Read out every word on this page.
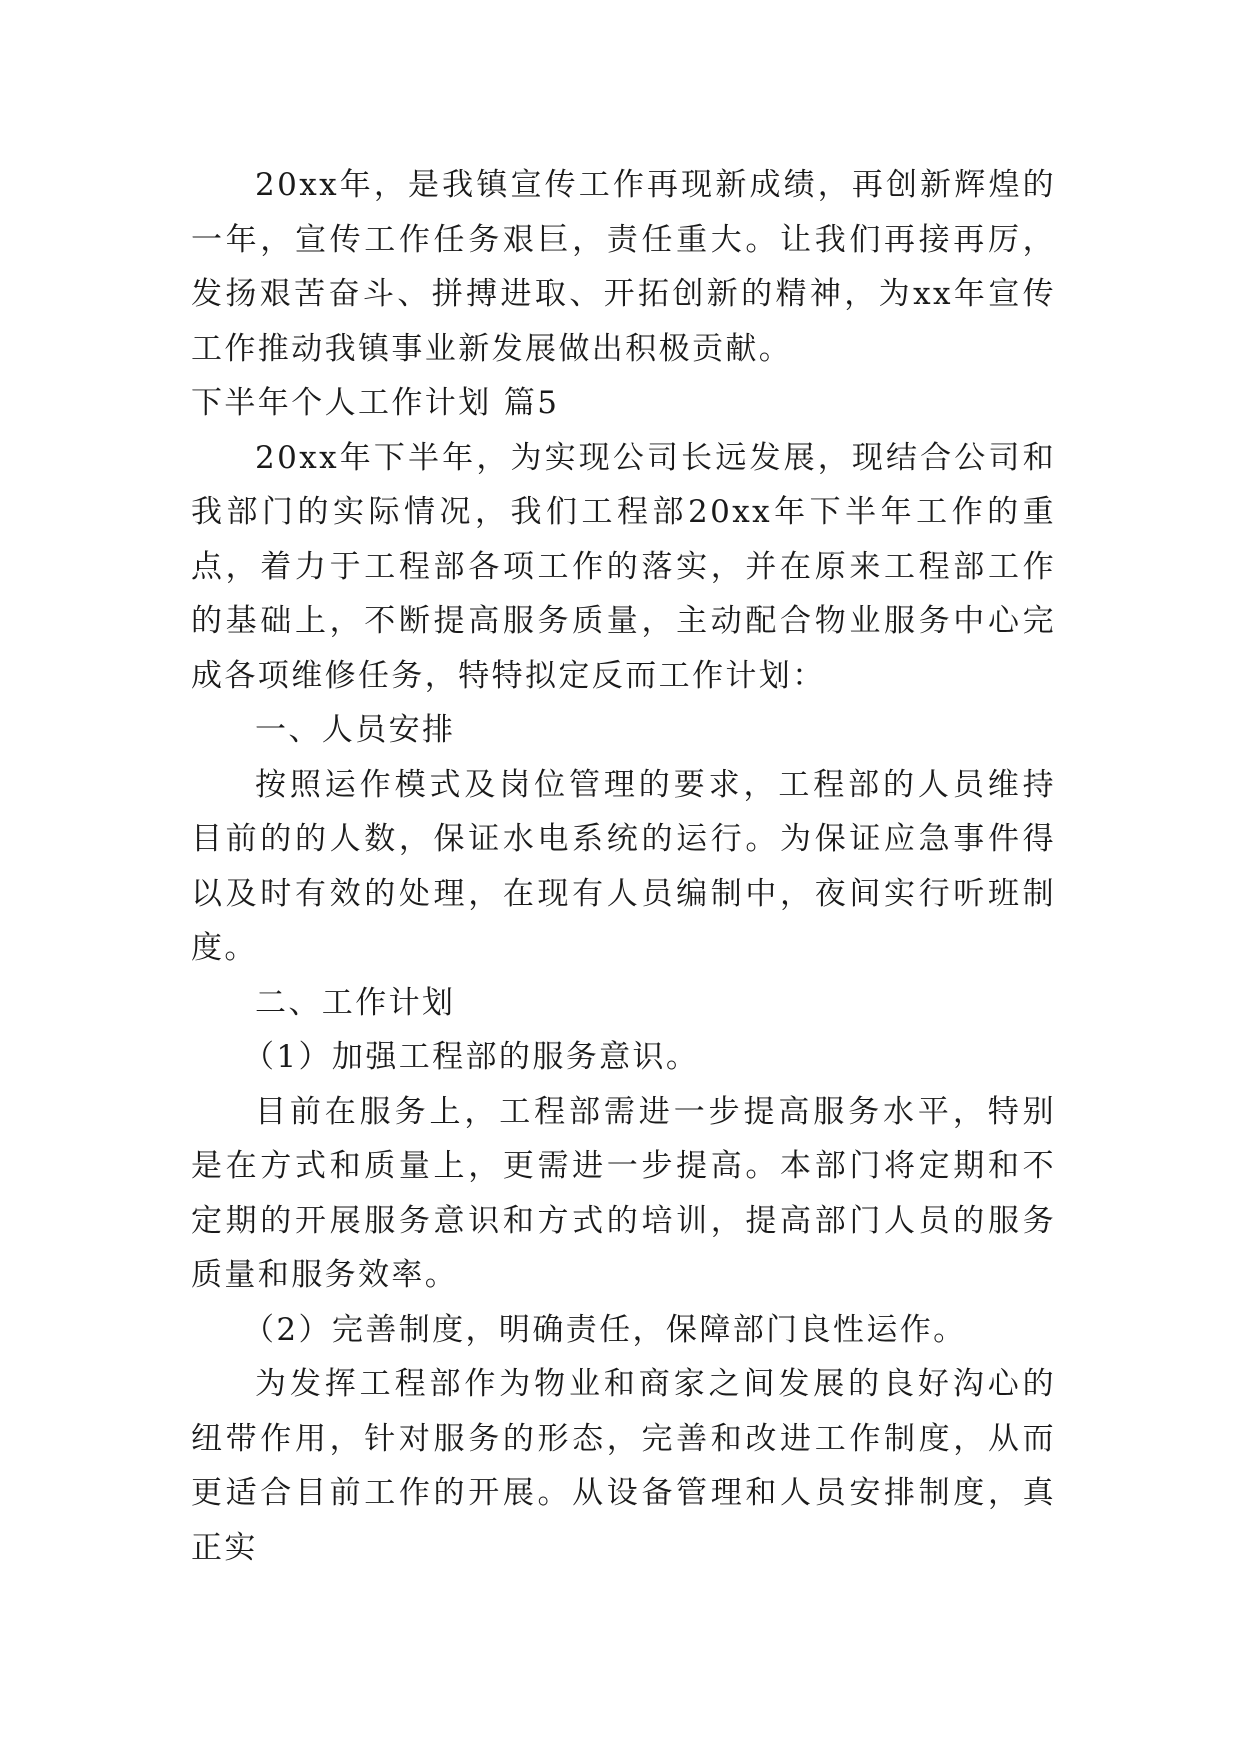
20xx年，是我镇宣传工作再现新成绩，再创新辉煌的一年，宣传工作任务艰巨，责任重大。让我们再接再厉，发扬艰苦奋斗、拼搏进取、开拓创新的精神，为xx年宣传工作推动我镇事业新发展做出积极贡献。

下半年个人工作计划 篇5

20xx年下半年，为实现公司长远发展，现结合公司和我部门的实际情况，我们工程部20xx年下半年工作的重点，着力于工程部各项工作的落实，并在原来工程部工作的基础上，不断提高服务质量，主动配合物业服务中心完成各项维修任务，特特拟定反而工作计划：

一、人员安排

按照运作模式及岗位管理的要求，工程部的人员维持目前的的人数，保证水电系统的运行。为保证应急事件得以及时有效的处理，在现有人员编制中，夜间实行听班制度。

二、工作计划

（1）加强工程部的服务意识。

目前在服务上，工程部需进一步提高服务水平，特别是在方式和质量上，更需进一步提高。本部门将定期和不定期的开展服务意识和方式的培训，提高部门人员的服务质量和服务效率。

（2）完善制度，明确责任，保障部门良性运作。

为发挥工程部作为物业和商家之间发展的良好沟心的纽带作用，针对服务的形态，完善和改进工作制度，从而更适合目前工作的开展。从设备管理和人员安排制度，真正实
